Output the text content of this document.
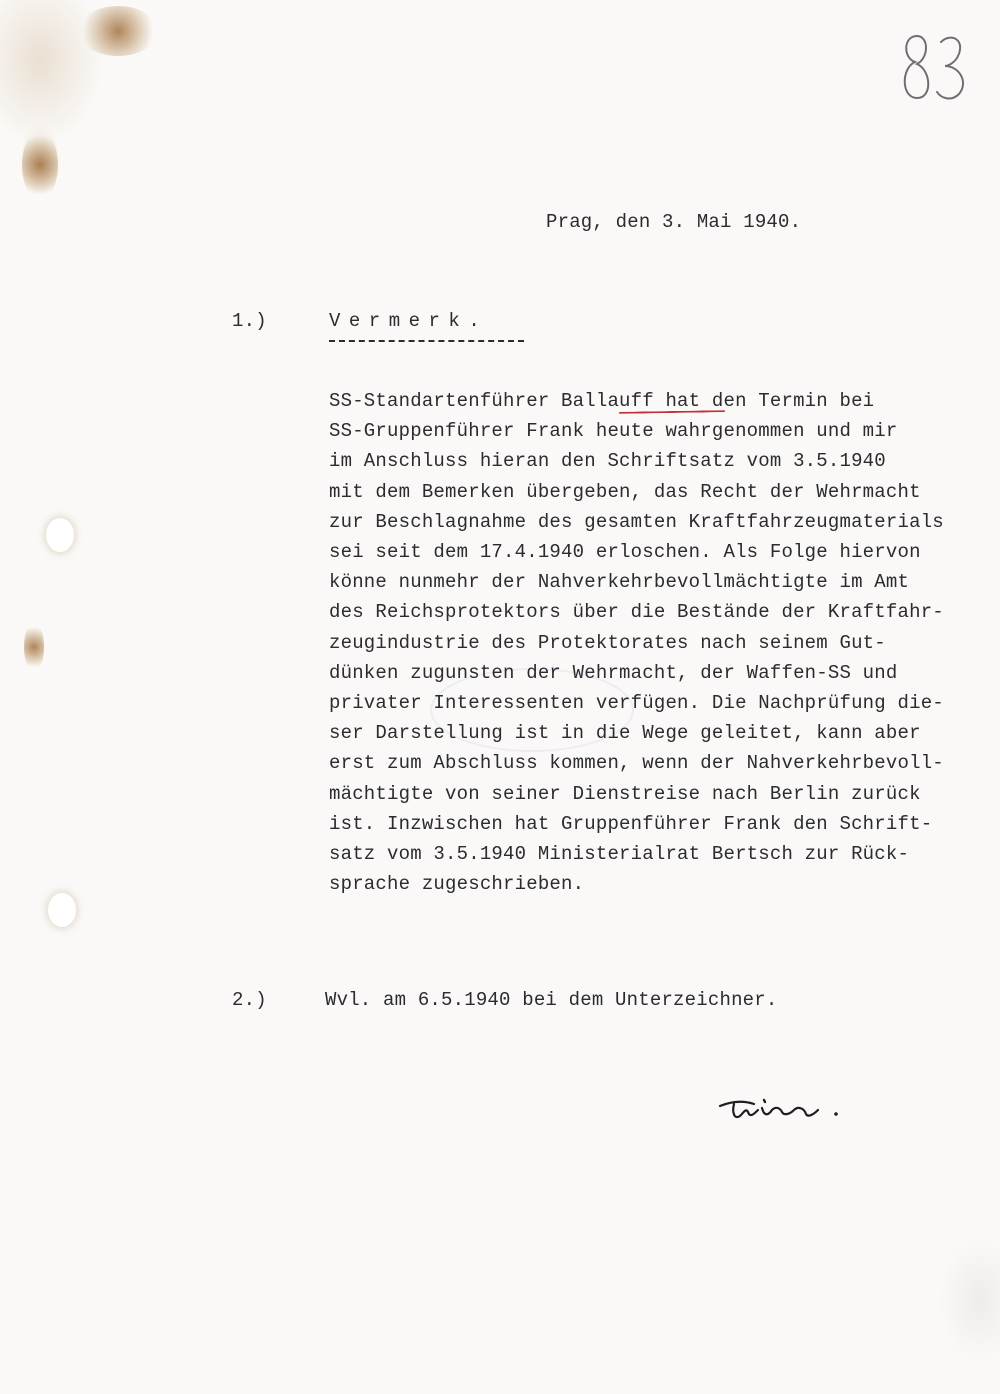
Prag, den 3. Mai 1940.
1.)	Vermerk.
SS-Standartenführer Ballauff hat den Termin bei
SS-Gruppenführer Frank heute wahrgenommen und mir
im Anschluss hieran den Schriftsatz vom 3.5.1940
mit dem Bemerken übergeben, das Recht der Wehrmacht
zur Beschlagnahme des gesamten Kraftfahrzeugmaterials
sei seit dem 17.4.1940 erloschen. Als Folge hiervon
könne nunmehr der Nahverkehrbevollmächtigte im Amt
des Reichsprotektors über die Bestände der Kraftfahr-
zeugindustrie des Protektorates nach seinem Gut-
dünken zugunsten der Wehrmacht, der Waffen-SS und
privater Interessenten verfügen. Die Nachprüfung die-
ser Darstellung ist in die Wege geleitet, kann aber
erst zum Abschluss kommen, wenn der Nahverkehrbevoll-
mächtigte von seiner Dienstreise nach Berlin zurück
ist. Inzwischen hat Gruppenführer Frank den Schrift-
satz vom 3.5.1940 Ministerialrat Bertsch zur Rück-
sprache zugeschrieben.
2.)	Wvl. am 6.5.1940 bei dem Unterzeichner.
